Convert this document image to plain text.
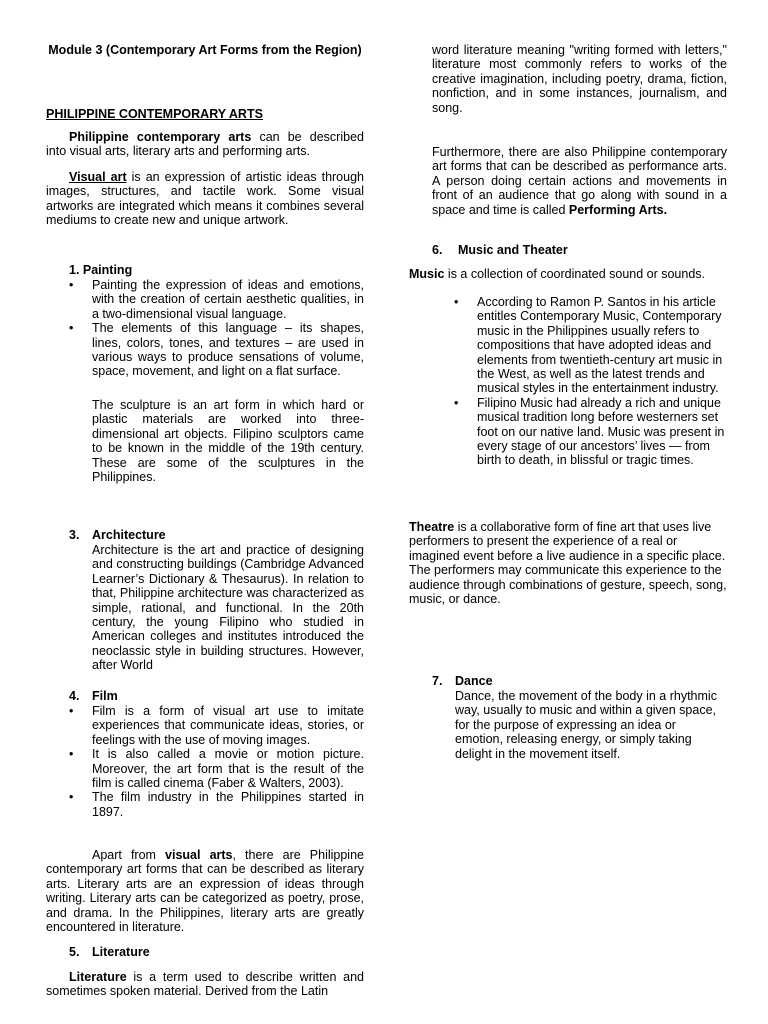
Module 3 (Contemporary Art Forms from the Region)

PHILIPPINE CONTEMPORARY ARTS

Philippine contemporary arts can be described into visual arts, literary arts and performing arts.

Visual art is an expression of artistic ideas through images, structures, and tactile work. Some visual artworks are integrated which means it combines several mediums to create new and unique artwork.

1. Painting

• Painting the expression of ideas and emotions, with the creation of certain aesthetic qualities, in a two-dimensional visual language.
• The elements of this language – its shapes, lines, colors, tones, and textures – are used in various ways to produce sensations of volume, space, movement, and light on a flat surface.

The sculpture is an art form in which hard or plastic materials are worked into three-dimensional art objects. Filipino sculptors came to be known in the middle of the 19th century. These are some of the sculptures in the Philippines.

3. Architecture

Architecture is the art and practice of designing and constructing buildings (Cambridge Advanced Learner’s Dictionary & Thesaurus). In relation to that, Philippine architecture was characterized as simple, rational, and functional. In the 20th century, the young Filipino who studied in American colleges and institutes introduced the neoclassic style in building structures. However, after World

4. Film

• Film is a form of visual art use to imitate experiences that communicate ideas, stories, or feelings with the use of moving images.
• It is also called a movie or motion picture. Moreover, the art form that is the result of the film is called cinema (Faber & Walters, 2003).
• The film industry in the Philippines started in 1897.

Apart from visual arts, there are Philippine contemporary art forms that can be described as literary arts. Literary arts are an expression of ideas through writing. Literary arts can be categorized as poetry, prose, and drama. In the Philippines, literary arts are greatly encountered in literature.

5. Literature

Literature is a term used to describe written and sometimes spoken material. Derived from the Latin

word literature meaning "writing formed with letters," literature most commonly refers to works of the creative imagination, including poetry, drama, fiction, nonfiction, and in some instances, journalism, and song.

Furthermore, there are also Philippine contemporary art forms that can be described as performance arts. A person doing certain actions and movements in front of an audience that go along with sound in a space and time is called Performing Arts.

6. Music and Theater

Music is a collection of coordinated sound or sounds.

• According to Ramon P. Santos in his article entitles Contemporary Music, Contemporary music in the Philippines usually refers to compositions that have adopted ideas and elements from twentieth-century art music in the West, as well as the latest trends and musical styles in the entertainment industry.
• Filipino Music had already a rich and unique musical tradition long before westerners set foot on our native land. Music was present in every stage of our ancestors’ lives — from birth to death, in blissful or tragic times.

Theatre is a collaborative form of fine art that uses live performers to present the experience of a real or imagined event before a live audience in a specific place. The performers may communicate this experience to the audience through combinations of gesture, speech, song, music, or dance.

7. Dance

Dance, the movement of the body in a rhythmic way, usually to music and within a given space, for the purpose of expressing an idea or emotion, releasing energy, or simply taking delight in the movement itself.
